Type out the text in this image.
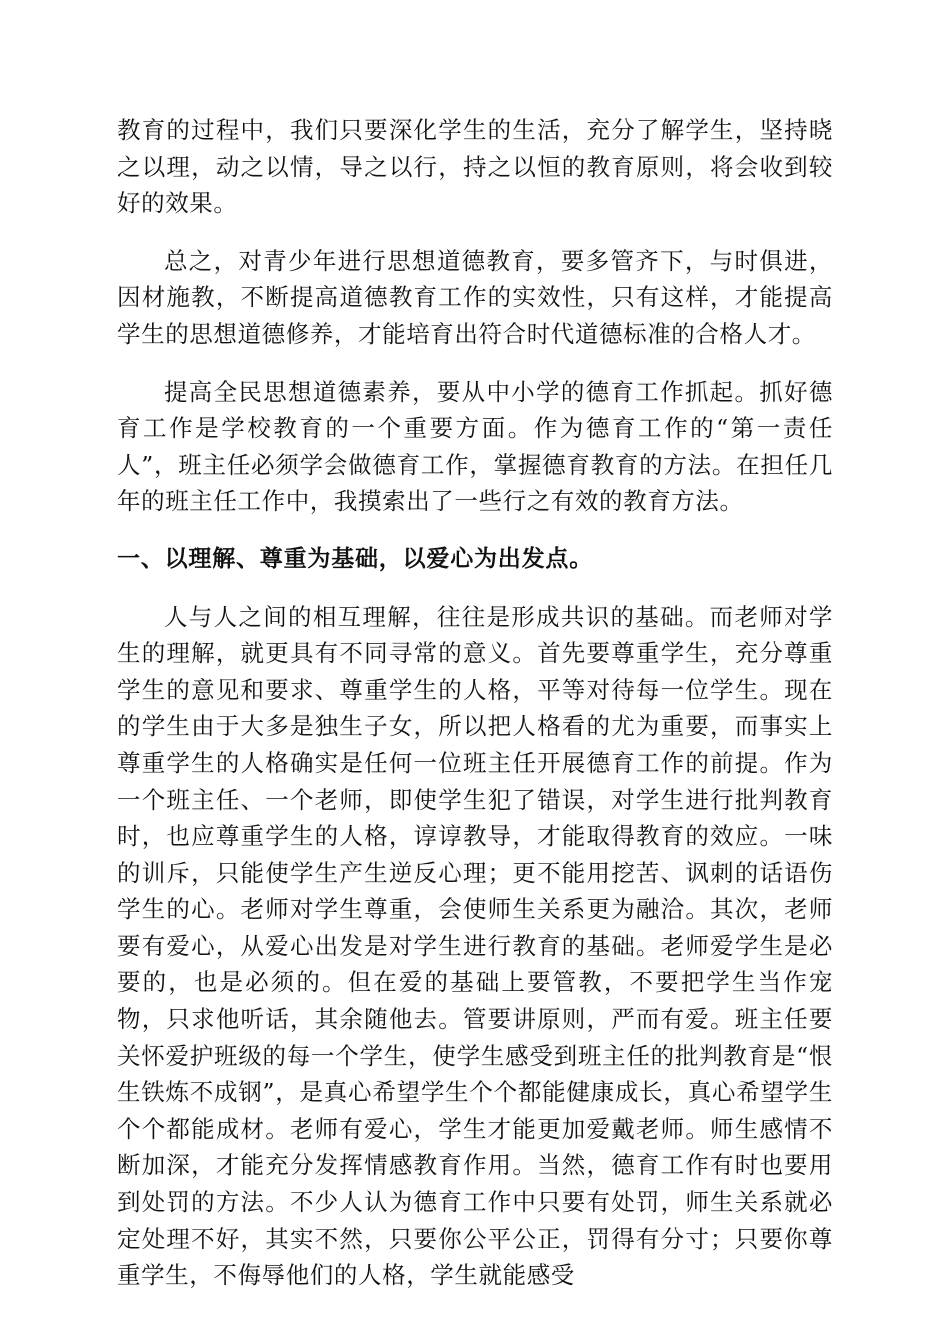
教育的过程中，我们只要深化学生的生活，充分了解学生，坚持晓之以理，动之以情，导之以行，持之以恒的教育原则，将会收到较好的效果。

总之，对青少年进行思想道德教育，要多管齐下，与时俱进，因材施教，不断提高道德教育工作的实效性，只有这样，才能提高学生的思想道德修养，才能培育出符合时代道德标准的合格人才。

提高全民思想道德素养，要从中小学的德育工作抓起。抓好德育工作是学校教育的一个重要方面。作为德育工作的“第一责任人”，班主任必须学会做德育工作，掌握德育教育的方法。在担任几年的班主任工作中，我摸索出了一些行之有效的教育方法。

一、以理解、尊重为基础，以爱心为出发点。

人与人之间的相互理解，往往是形成共识的基础。而老师对学生的理解，就更具有不同寻常的意义。首先要尊重学生，充分尊重学生的意见和要求、尊重学生的人格，平等对待每一位学生。现在的学生由于大多是独生子女，所以把人格看的尤为重要，而事实上尊重学生的人格确实是任何一位班主任开展德育工作的前提。作为一个班主任、一个老师，即使学生犯了错误，对学生进行批判教育时，也应尊重学生的人格，谆谆教导，才能取得教育的效应。一味的训斥，只能使学生产生逆反心理；更不能用挖苦、讽刺的话语伤学生的心。老师对学生尊重，会使师生关系更为融洽。其次，老师要有爱心，从爱心出发是对学生进行教育的基础。老师爱学生是必要的，也是必须的。但在爱的基础上要管教，不要把学生当作宠物，只求他听话，其余随他去。管要讲原则，严而有爱。班主任要关怀爱护班级的每一个学生，使学生感受到班主任的批判教育是“恨生铁炼不成钢”，是真心希望学生个个都能健康成长，真心希望学生个个都能成材。老师有爱心，学生才能更加爱戴老师。师生感情不断加深，才能充分发挥情感教育作用。当然，德育工作有时也要用到处罚的方法。不少人认为德育工作中只要有处罚，师生关系就必定处理不好，其实不然，只要你公平公正，罚得有分寸；只要你尊重学生，不侮辱他们的人格，学生就能感受
